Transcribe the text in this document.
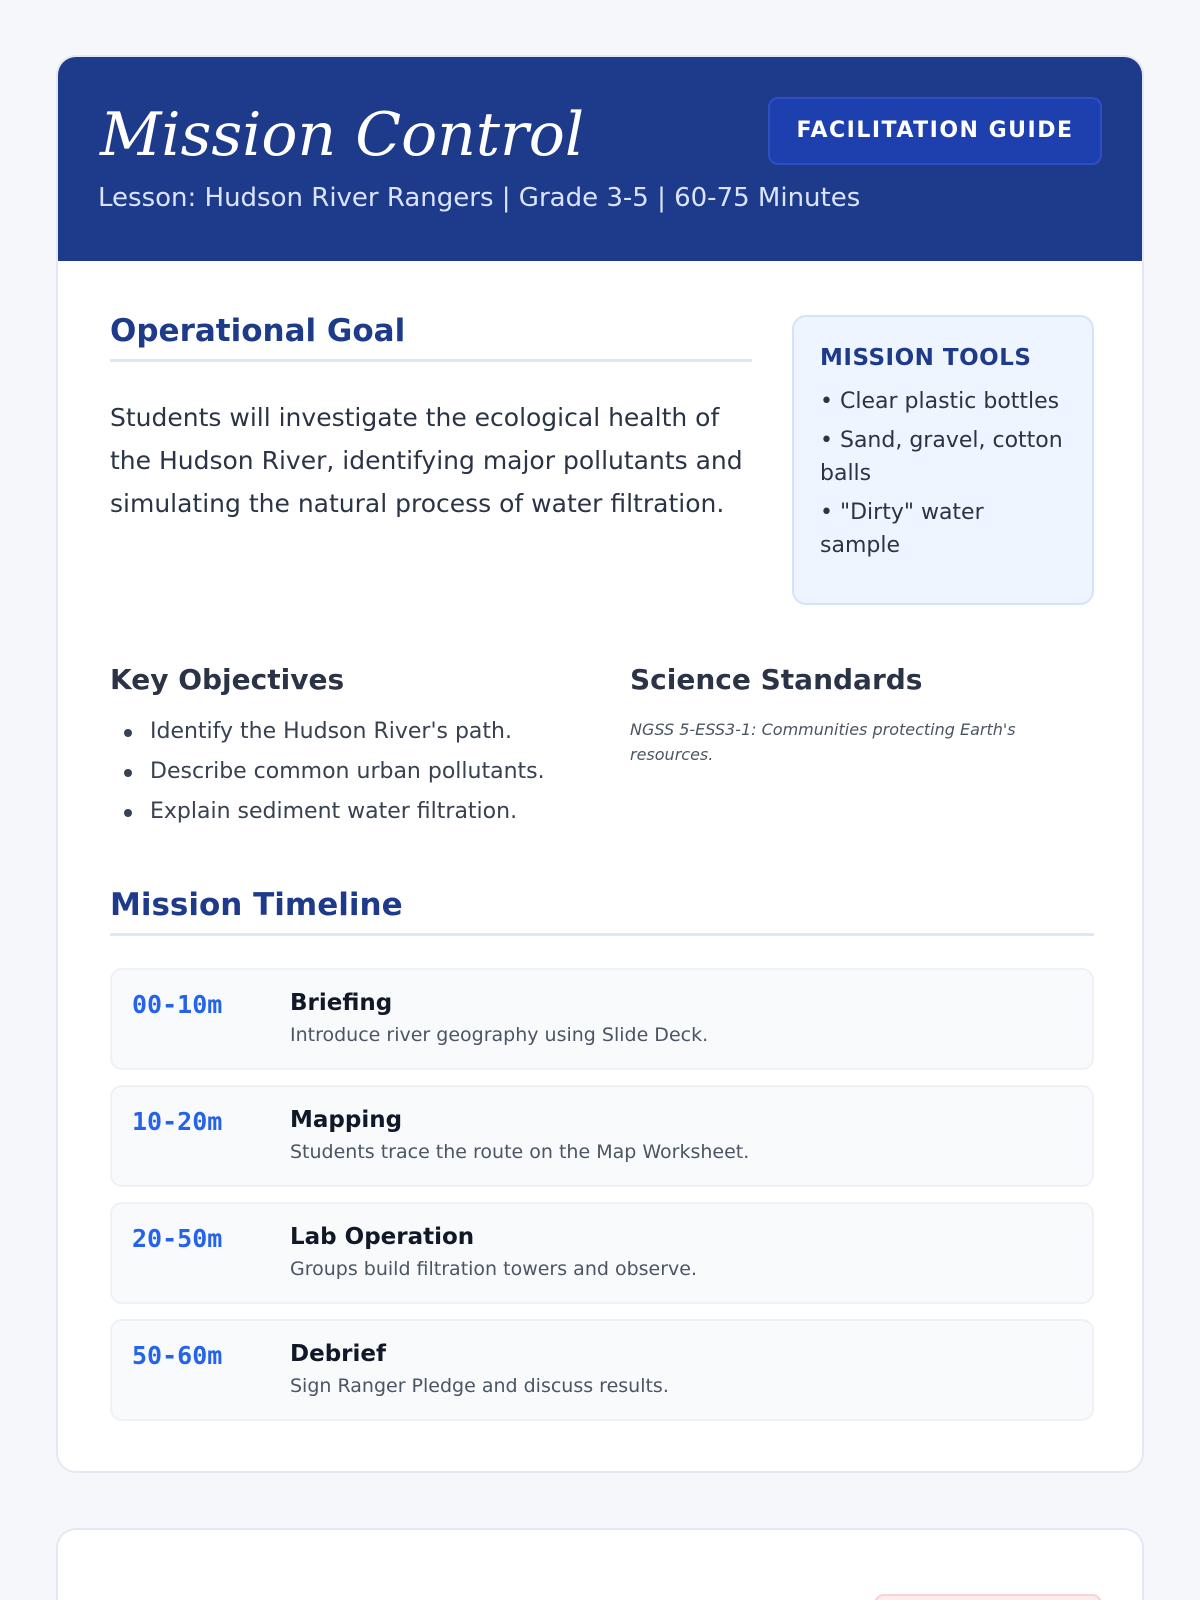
Mission Control
Lesson: Hudson River Rangers | Grade 3-5 | 60-75 Minutes
FACILITATION GUIDE
Operational Goal

Students will investigate the ecological health of the Hudson River, identifying major pollutants and simulating the natural process of water filtration.

MISSION TOOLS
• Clear plastic bottles
• Sand, gravel, cotton balls
• "Dirty" water sample
Key Objectives
Identify the Hudson River's path.
Describe common urban pollutants.
Explain sediment water filtration.
Science Standards

NGSS 5-ESS3-1: Communities protecting Earth's resources.

Mission Timeline
00-10m	Briefing
Introduce river geography using Slide Deck.
10-20m	Mapping
Students trace the route on the Map Worksheet.
20-50m	Lab Operation
Groups build filtration towers and observe.
50-60m	Debrief
Sign Ranger Pledge and discuss results.
